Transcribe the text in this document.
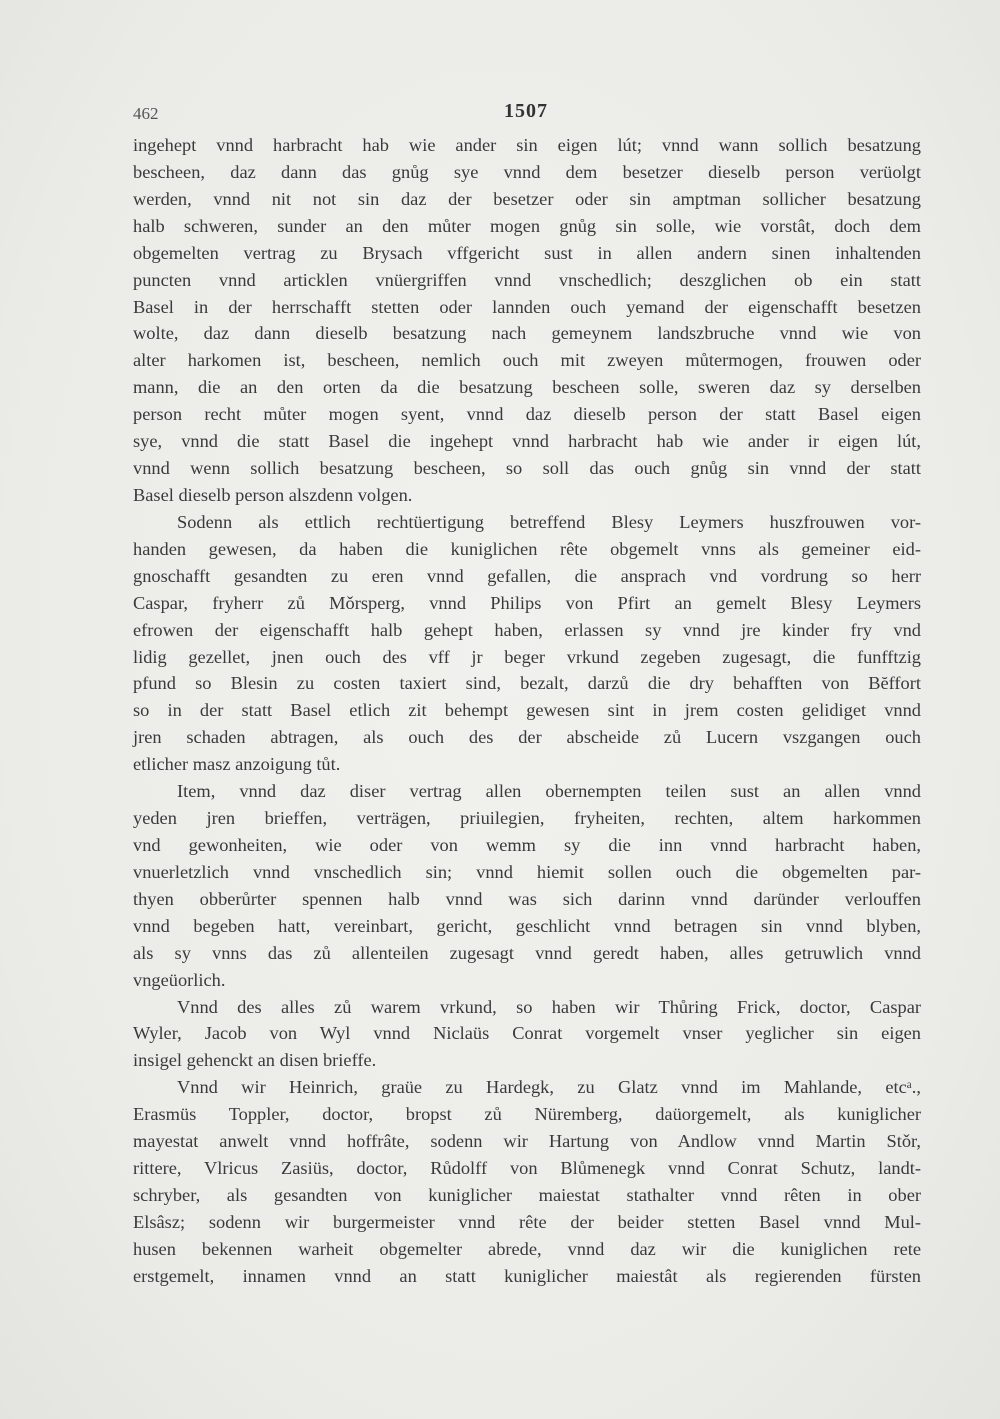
462	1507
ingehept vnnd harbracht hab wie ander sin eigen lút; vnnd wann sollich besatzung
bescheen, daz dann das gnůg sye vnnd dem besetzer dieselb person verüolgt
werden, vnnd nit not sin daz der besetzer oder sin amptman sollicher besatzung
halb schweren, sunder an den můter mogen gnůg sin solle, wie vorstât, doch dem
obgemelten vertrag zu Brysach vffgericht sust in allen andern sinen inhaltenden
puncten vnnd articklen vnüergriffen vnnd vnschedlich; deszglichen ob ein statt
Basel in der herrschafft stetten oder lannden ouch yemand der eigenschafft besetzen
wolte, daz dann dieselb besatzung nach gemeynem landszbruche vnnd wie von
alter harkomen ist, bescheen, nemlich ouch mit zweyen můtermogen, frouwen oder
mann, die an den orten da die besatzung bescheen solle, sweren daz sy derselben
person recht můter mogen syent, vnnd daz dieselb person der statt Basel eigen
sye, vnnd die statt Basel die ingehept vnnd harbracht hab wie ander ir eigen lút,
vnnd wenn sollich besatzung bescheen, so soll das ouch gnůg sin vnnd der statt
Basel dieselb person alszdenn volgen.
Sodenn als ettlich rechtüertigung betreffend Blesy Leymers huszfrouwen vor-
handen gewesen, da haben die kuniglichen rête obgemelt vnns als gemeiner eid-
gnoschafft gesandten zu eren vnnd gefallen, die ansprach vnd vordrung so herr
Caspar, fryherr zů Mǒrsperg, vnnd Philips von Pfirt an gemelt Blesy Leymers
efrowen der eigenschafft halb gehept haben, erlassen sy vnnd jre kinder fry vnd
lidig gezellet, jnen ouch des vff jr beger vrkund zegeben zugesagt, die funfftzig
pfund so Blesin zu costen taxiert sind, bezalt, darzů die dry behafften von Bĕffort
so in der statt Basel etlich zit behempt gewesen sint in jrem costen gelidiget vnnd
jren schaden abtragen, als ouch des der abscheide zů Lucern vszgangen ouch
etlicher masz anzoigung tůt.
Item, vnnd daz diser vertrag allen obernempten teilen sust an allen vnnd
yeden jren brieffen, verträgen, priuilegien, fryheiten, rechten, altem harkommen
vnd gewonheiten, wie oder von wemm sy die inn vnnd harbracht haben,
vnuerletzlich vnnd vnschedlich sin; vnnd hiemit sollen ouch die obgemelten par-
thyen obberůrter spennen halb vnnd was sich darinn vnnd daründer verlouffen
vnnd begeben hatt, vereinbart, gericht, geschlicht vnnd betragen sin vnnd blyben,
als sy vnns das zů allenteilen zugesagt vnnd geredt haben, alles getruwlich vnnd
vngeüorlich.
Vnnd des alles zů warem vrkund, so haben wir Thůring Frick, doctor, Caspar
Wyler, Jacob von Wyl vnnd Niclaüs Conrat vorgemelt vnser yeglicher sin eigen
insigel gehenckt an disen brieffe.
Vnnd wir Heinrich, graüe zu Hardegk, zu Glatz vnnd im Mahlande, etcᵃ.,
Erasmüs Toppler, doctor, bropst zů Nüremberg, daüorgemelt, als kuniglicher
mayestat anwelt vnnd hoffrâte, sodenn wir Hartung von Andlow vnnd Martin Stǒr,
rittere, Vlricus Zasiüs, doctor, Růdolff von Blůmenegk vnnd Conrat Schutz, landt-
schryber, als gesandten von kuniglicher maiestat stathalter vnnd rêten in ober
Elsâsz; sodenn wir burgermeister vnnd rête der beider stetten Basel vnnd Mul-
husen bekennen warheit obgemelter abrede, vnnd daz wir die kuniglichen rete
erstgemelt, innamen vnnd an statt kuniglicher maiestât als regierenden fürsten
